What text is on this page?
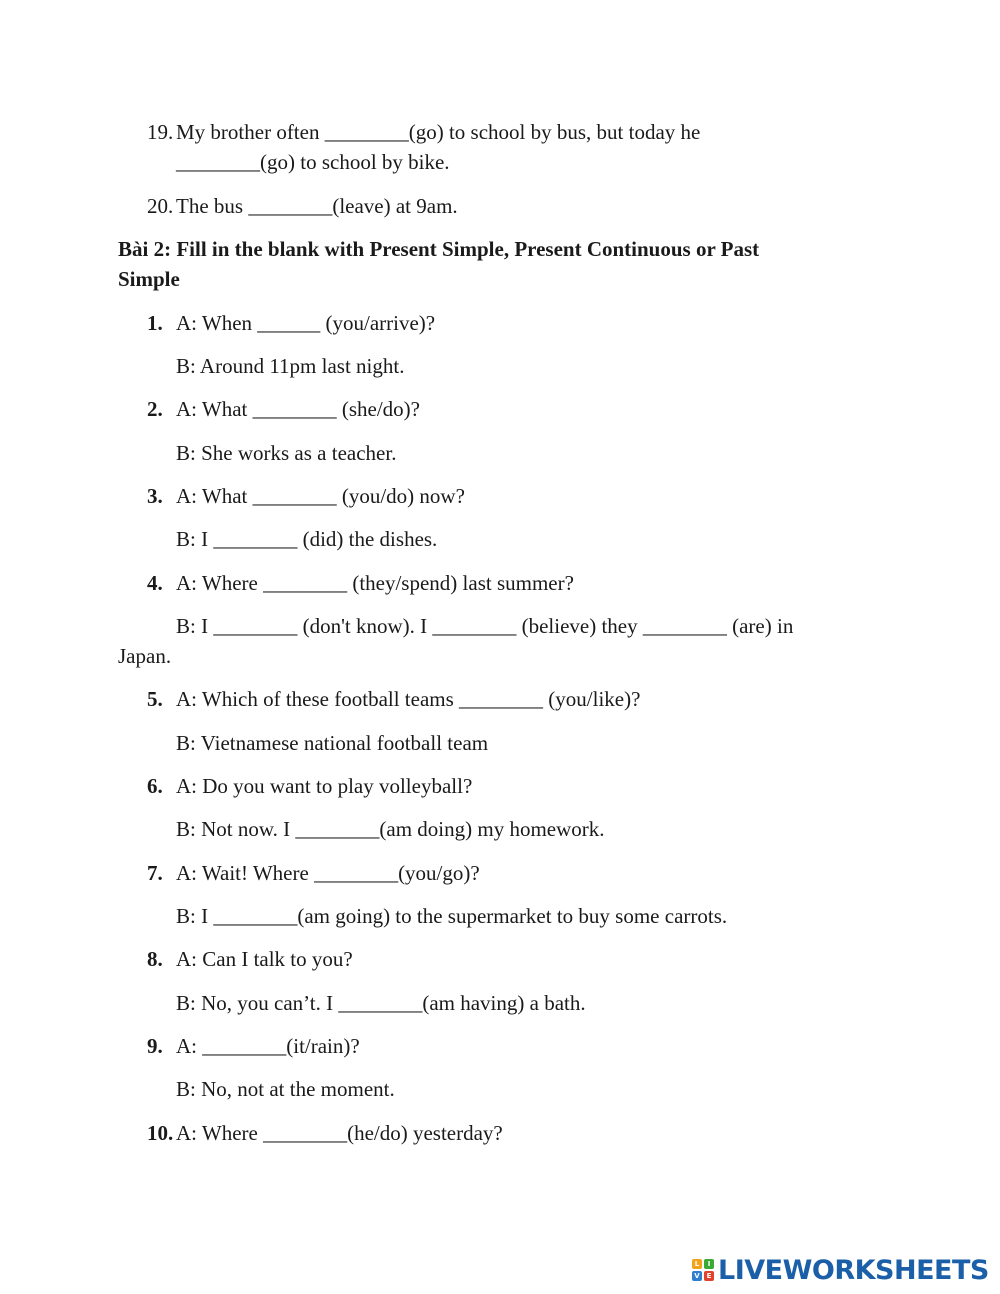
19. My brother often ________(go) to school by bus, but today he
________(go) to school by bike.
20. The bus ________(leave) at 9am.
Bài 2: Fill in the blank with Present Simple, Present Continuous or Past
Simple
1. A: When ______ (you/arrive)?
B: Around 11pm last night.
2. A: What ________ (she/do)?
B: She works as a teacher.
3. A: What ________ (you/do) now?
B: I ________ (did) the dishes.
4. A: Where ________ (they/spend) last summer?
B: I ________ (don't know). I ________ (believe) they ________ (are) in
Japan.
5. A: Which of these football teams ________ (you/like)?
B: Vietnamese national football team
6. A: Do you want to play volleyball?
B: Not now. I ________(am doing) my homework.
7. A: Wait! Where ________(you/go)?
B: I ________(am going) to the supermarket to buy some carrots.
8. A: Can I talk to you?
B: No, you can’t. I ________(am having) a bath.
9. A: ________(it/rain)?
B: No, not at the moment.
10. A: Where ________(he/do) yesterday?
L	I
V E LIVEWORKSHEETS
